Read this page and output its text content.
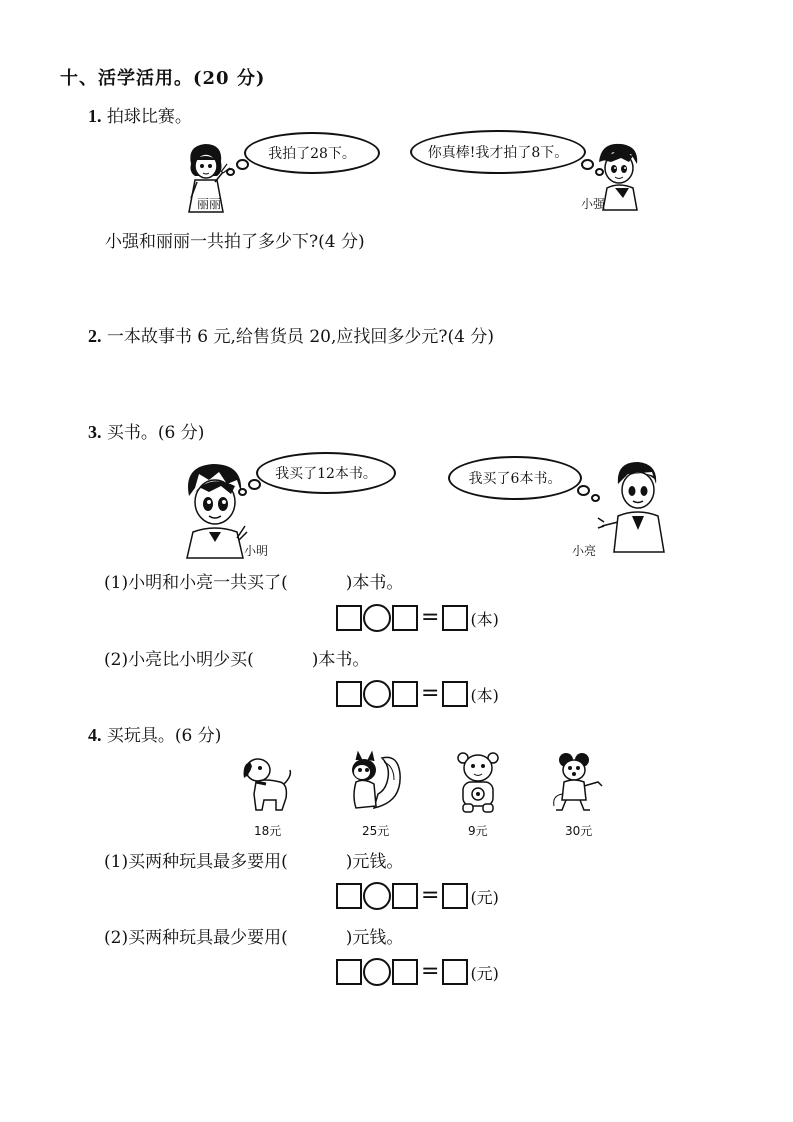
十、活学活用。(20 分)
1. 拍球比赛。
丽丽
我拍了28下。	你真棒!我才拍了8下。
小强
小强和丽丽一共拍了多少下?(4 分)
2. 一本故事书 6 元,给售货员 20,应找回多少元?(4 分)
3. 买书。(6 分)
小明
我买了12本书。	我买了6本书。
小亮
(1)小明和小亮一共买了(	)本书。
= (本)
(2)小亮比小明少买(	)本书。
= (本)
4. 买玩具。(6 分)
18元	25元	9元	30元
(1)买两种玩具最多要用(	)元钱。
= (元)
(2)买两种玩具最少要用(	)元钱。
= (元)
